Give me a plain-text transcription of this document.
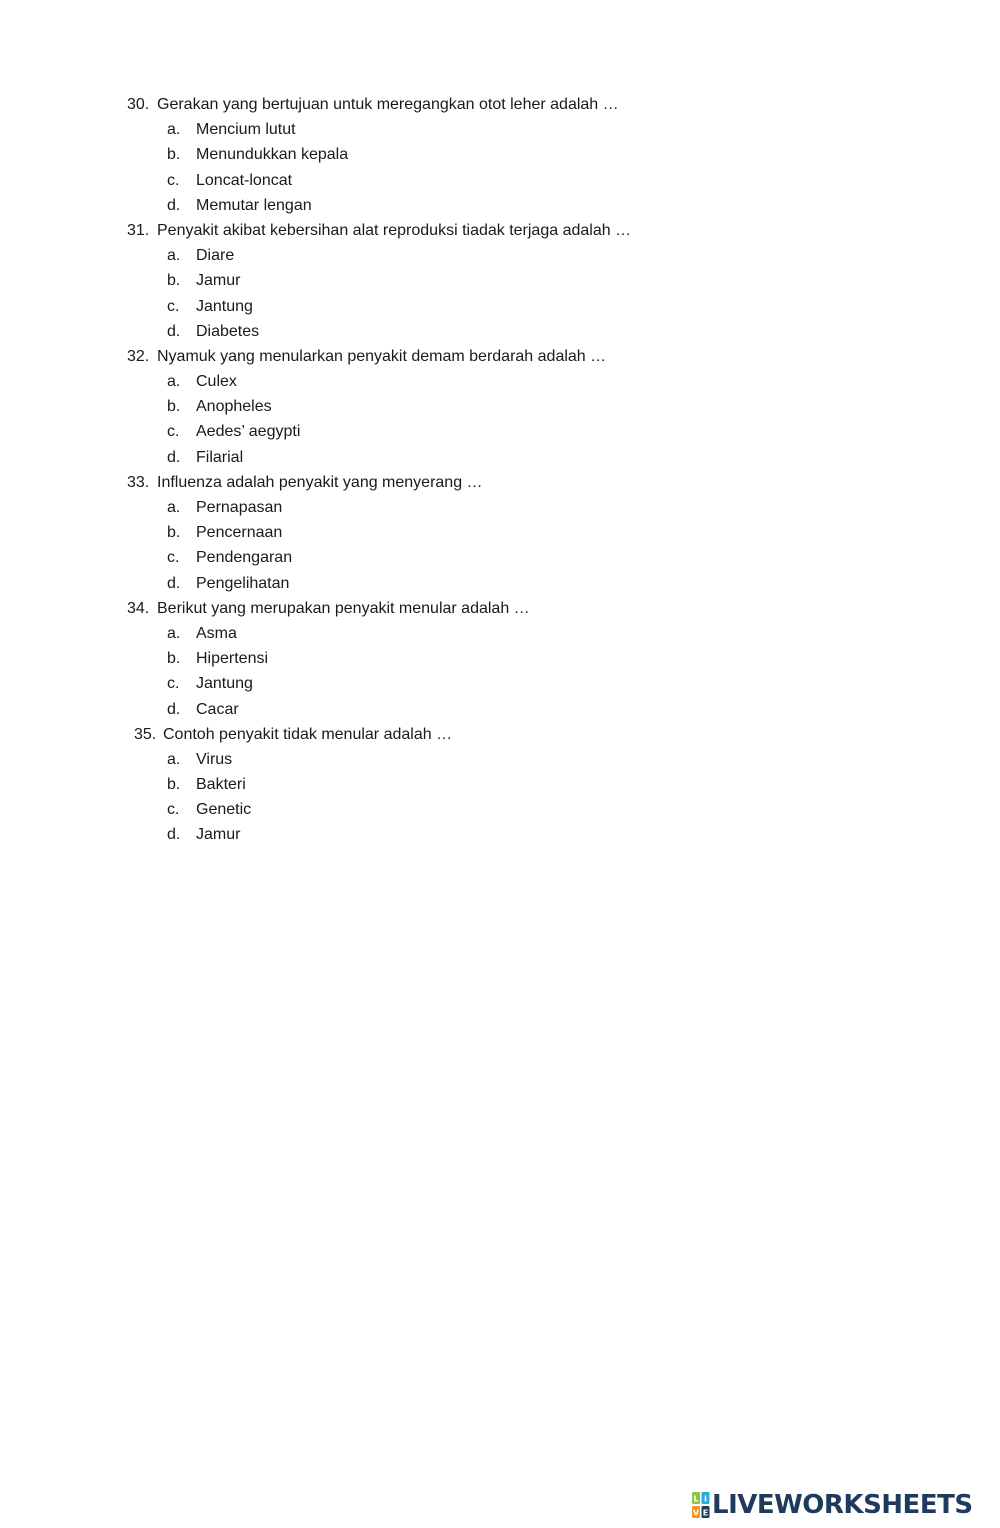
30. Gerakan yang bertujuan untuk meregangkan otot leher adalah …
a. Mencium lutut
b. Menundukkan kepala
c. Loncat-loncat
d. Memutar lengan
31. Penyakit akibat kebersihan alat reproduksi tiadak terjaga adalah …
a. Diare
b. Jamur
c. Jantung
d. Diabetes
32. Nyamuk yang menularkan penyakit demam berdarah adalah …
a. Culex
b. Anopheles
c. Aedes’ aegypti
d. Filarial
33. Influenza adalah penyakit yang menyerang …
a. Pernapasan
b. Pencernaan
c. Pendengaran
d. Pengelihatan
34. Berikut yang merupakan penyakit menular adalah …
a. Asma
b. Hipertensi
c. Jantung
d. Cacar
35. Contoh penyakit tidak menular adalah …
a. Virus
b. Bakteri
c. Genetic
d. Jamur
L I
V E LIVEWORKSHEETS
